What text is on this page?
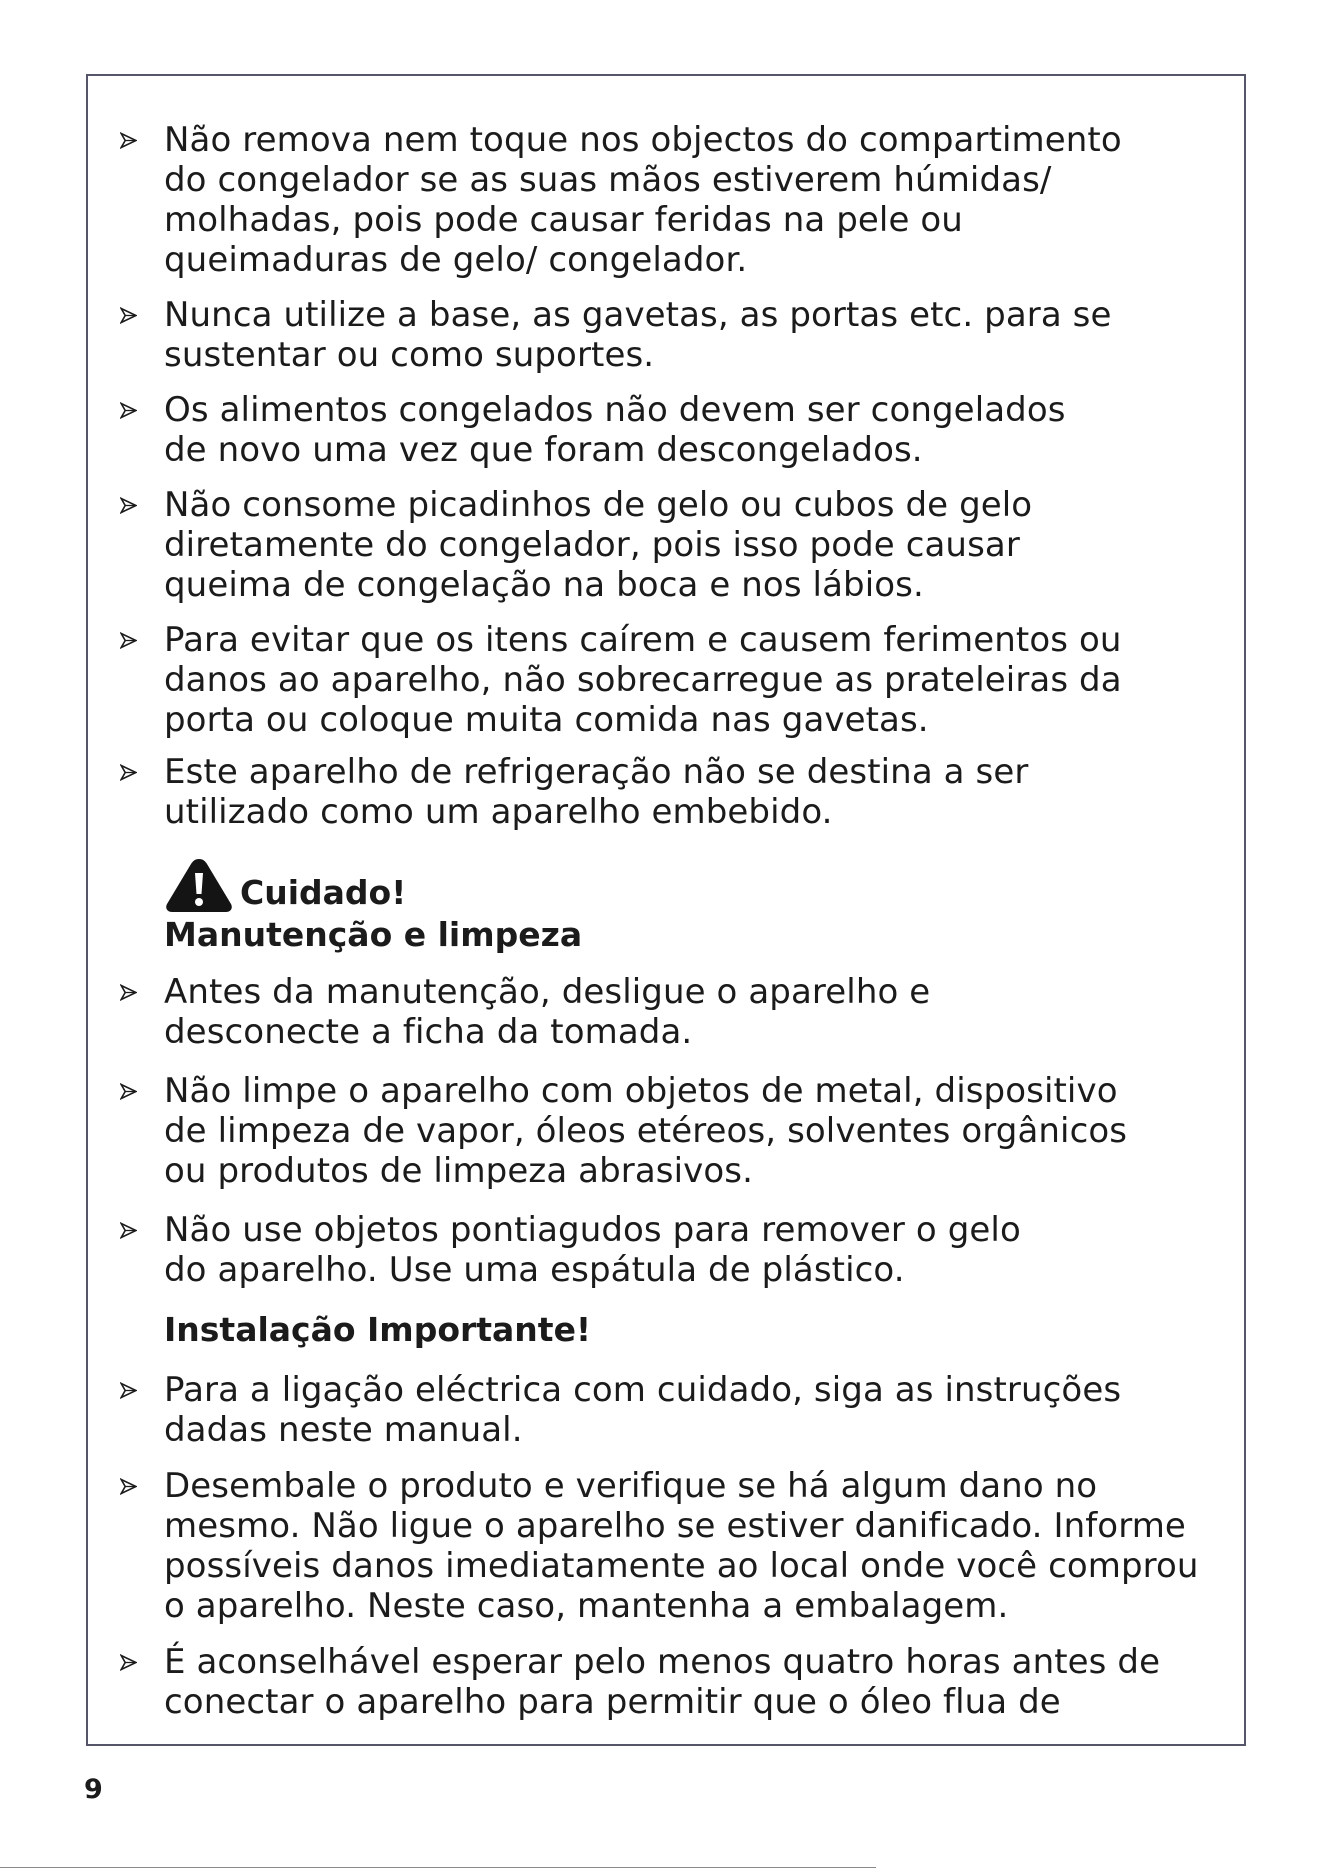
Não remova nem toque nos objectos do compartimento
do congelador se as suas mãos estiverem húmidas/
molhadas, pois pode causar feridas na pele ou
queimaduras de gelo/ congelador.
Nunca utilize a base, as gavetas, as portas etc. para se
sustentar ou como suportes.
Os alimentos congelados não devem ser congelados
de novo uma vez que foram descongelados.
Não consome picadinhos de gelo ou cubos de gelo
diretamente do congelador, pois isso pode causar
queima de congelação na boca e nos lábios.
Para evitar que os itens caírem e causem ferimentos ou
danos ao aparelho, não sobrecarregue as prateleiras da
porta ou coloque muita comida nas gavetas.
Este aparelho de refrigeração não se destina a ser
utilizado como um aparelho embebido.
Cuidado!
Manutenção e limpeza
Antes da manutenção, desligue o aparelho e
desconecte a ficha da tomada.
Não limpe o aparelho com objetos de metal, dispositivo
de limpeza de vapor, óleos etéreos, solventes orgânicos
ou produtos de limpeza abrasivos.
Não use objetos pontiagudos para remover o gelo
do aparelho. Use uma espátula de plástico.
Instalação Importante!
Para a ligação eléctrica com cuidado, siga as instruções
dadas neste manual.
Desembale o produto e verifique se há algum dano no
mesmo. Não ligue o aparelho se estiver danificado. Informe
possíveis danos imediatamente ao local onde você comprou
o aparelho. Neste caso, mantenha a embalagem.
É aconselhável esperar pelo menos quatro horas antes de
conectar o aparelho para permitir que o óleo flua de
9
